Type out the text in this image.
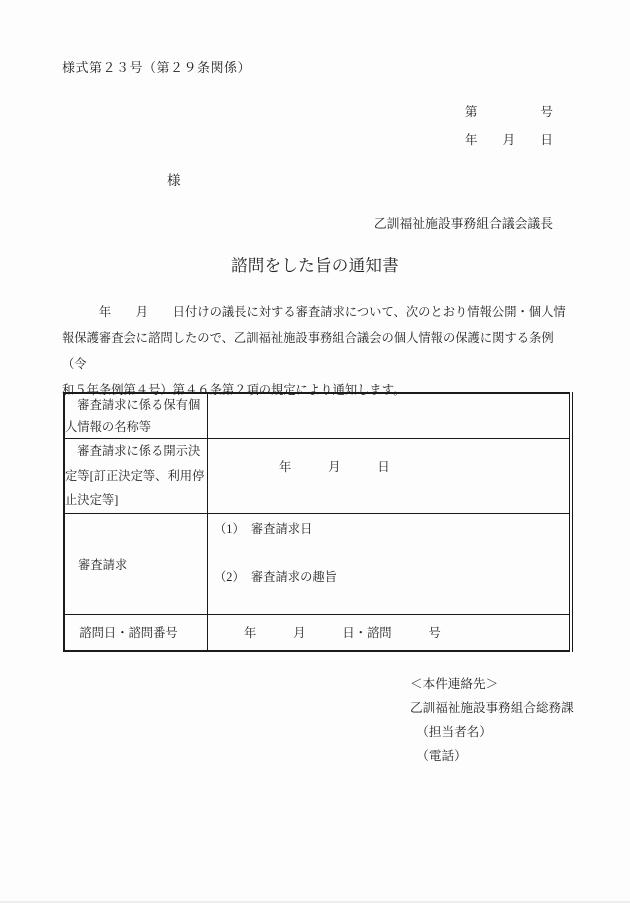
様式第２３号（第２９条関係）
第　　　　　号
年　　月　　日
様
乙訓福祉施設事務組合議会議長
諮問をした旨の通知書
　　　年　　月　　日付けの議長に対する審査請求について、次のとおり情報公開・個人情
報保護審査会に諮問したので、乙訓福祉施設事務組合議会の個人情報の保護に関する条例（令
和５年条例第４号）第４６条第２項の規定により通知します。
　審査請求に係る保有個
人情報の名称等	

　審査請求に係る開示決
定等[訂正決定等、利用停
止決定等]	年　　　月　　　日

審査請求	（1）　審査請求日
（2）　審査請求の趣旨

　諮問日・諮問番号	年　　　月　　　日・諮問　　　号
＜本件連絡先＞
乙訓福祉施設事務組合総務課
　（担当者名）
　（電話）
